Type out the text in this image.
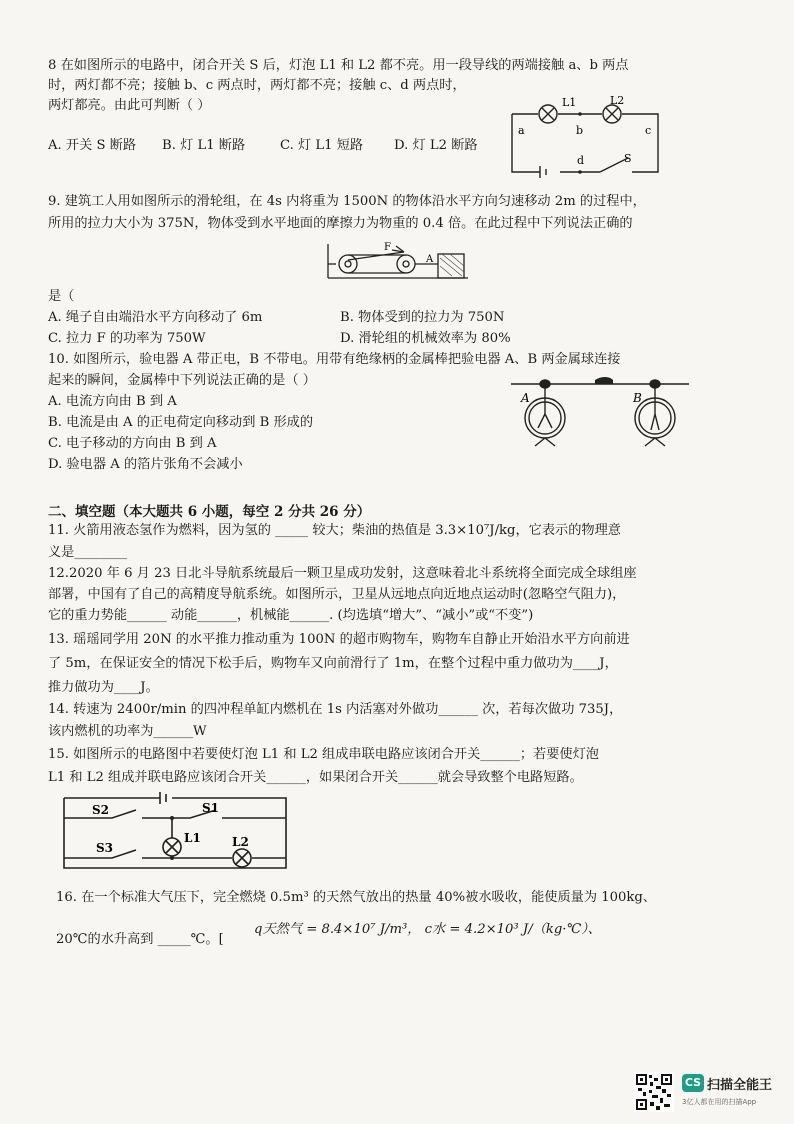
8 在如图所示的电路中，闭合开关 S 后，灯泡 L1 和 L2 都不亮。用一段导线的两端接触 a、b 两点
时，两灯都不亮；接触 b、c 两点时，两灯都不亮；接触 c、d 两点时，
两灯都亮。由此可判断（ ）
A. 开关 S 断路 B. 灯 L1 断路	C. 灯 L1 短路 D. 灯 L2 断路
L1	L2
a	b	c
d	S
9. 建筑工人用如图所示的滑轮组，在 4s 内将重为 1500N 的物体沿水平方向匀速移动 2m 的过程中，
所用的拉力大小为 375N，物体受到水平地面的摩擦力为物重的 0.4 倍。在此过程中下列说法正确的
F
A
是（
A. 绳子自由端沿水平方向移动了 6m	B. 物体受到的拉力为 750N
C. 拉力 F 的功率为 750W	D. 滑轮组的机械效率为 80%
10. 如图所示，验电器 A 带正电，B 不带电。用带有绝缘柄的金属棒把验电器 A、B 两金属球连接
起来的瞬间，金属棒中下列说法正确的是（ ）
A. 电流方向由 B 到 A
B. 电流是由 A 的正电荷定向移动到 B 形成的
C. 电子移动的方向由 B 到 A
D. 验电器 A 的箔片张角不会减小
A	B
二、填空题（本大题共 6 小题，每空 2 分共 26 分）
11. 火箭用液态氢作为燃料，因为氢的 _____ 较大；柴油的热值是 3.3×10⁷J/kg，它表示的物理意
义是________
12.2020 年 6 月 23 日北斗导航系统最后一颗卫星成功发射，这意味着北斗系统将全面完成全球组座
部署，中国有了自己的高精度导航系统。如图所示，卫星从远地点向近地点运动时(忽略空气阻力)，
它的重力势能______ 动能______，机械能______. (均选填“增大”、“减小”或“不变”)
13. 瑶瑶同学用 20N 的水平推力推动重为 100N 的超市购物车，购物车自静止开始沿水平方向前进
了 5m，在保证安全的情况下松手后，购物车又向前滑行了 1m，在整个过程中重力做功为____J，
推力做功为____J。
14. 转速为 2400r/min 的四冲程单缸内燃机在 1s 内活塞对外做功______ 次，若每次做功 735J，
该内燃机的功率为______W
15. 如图所示的电路图中若要使灯泡 L1 和 L2 组成串联电路应该闭合开关______；若要使灯泡
L1 和 L2 组成并联电路应该闭合开关______，如果闭合开关______就会导致整个电路短路。
S2	S1
S3
L1	L2
16. 在一个标准大气压下，完全燃烧 0.5m³ 的天然气放出的热量 40%被水吸收，能使质量为 100kg、
20℃的水升高到 _____℃。[
q天然气 = 8.4×10⁷ J/m³， c水 = 4.2×10³ J/（kg·℃）、
CS 扫描全能王
3亿人都在用的扫描App
